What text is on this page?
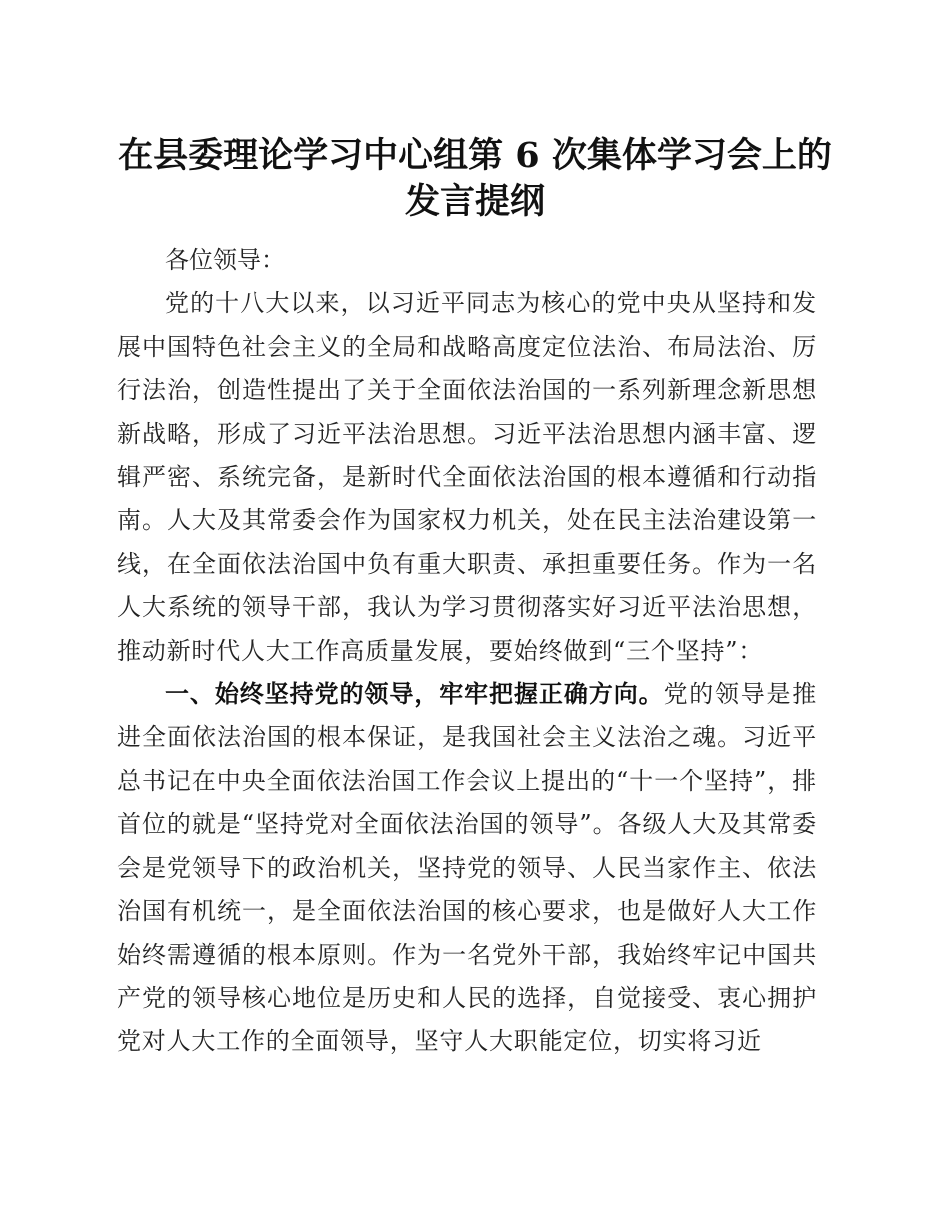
在县委理论学习中心组第 6 次集体学习会上的
发言提纲

各位领导：

党的十八大以来，以习近平同志为核心的党中央从坚持和发展中国特色社会主义的全局和战略高度定位法治、布局法治、厉行法治，创造性提出了关于全面依法治国的一系列新理念新思想新战略，形成了习近平法治思想。习近平法治思想内涵丰富、逻辑严密、系统完备，是新时代全面依法治国的根本遵循和行动指南。人大及其常委会作为国家权力机关，处在民主法治建设第一线，在全面依法治国中负有重大职责、承担重要任务。作为一名人大系统的领导干部，我认为学习贯彻落实好习近平法治思想，推动新时代人大工作高质量发展，要始终做到“三个坚持”：

一、始终坚持党的领导，牢牢把握正确方向。党的领导是推进全面依法治国的根本保证，是我国社会主义法治之魂。习近平总书记在中央全面依法治国工作会议上提出的“十一个坚持”，排首位的就是“坚持党对全面依法治国的领导”。各级人大及其常委会是党领导下的政治机关，坚持党的领导、人民当家作主、依法治国有机统一，是全面依法治国的核心要求，也是做好人大工作始终需遵循的根本原则。作为一名党外干部，我始终牢记中国共产党的领导核心地位是历史和人民的选择，自觉接受、衷心拥护党对人大工作的全面领导，坚守人大职能定位，切实将习近
